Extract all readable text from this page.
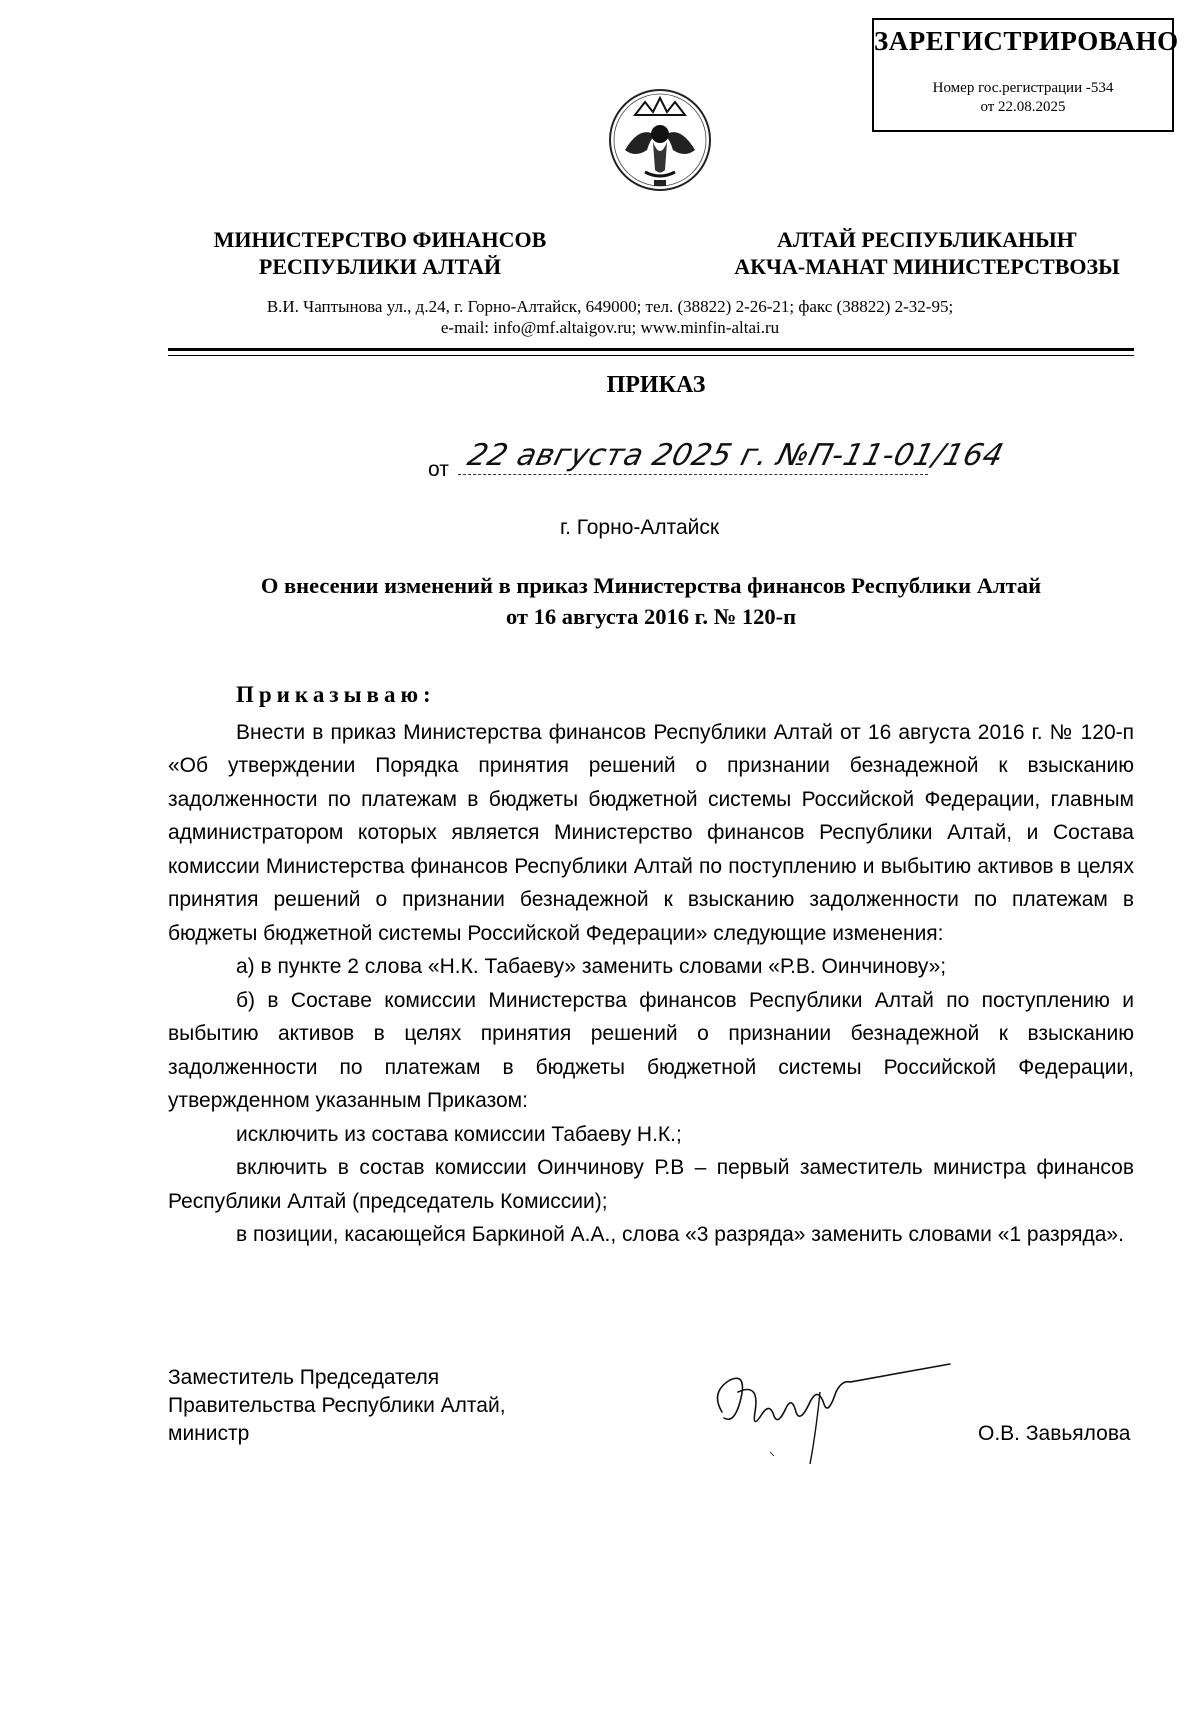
ЗАРЕГИСТРИРОВАНО
Номер гос.регистрации -534
от 22.08.2025
МИНИСТЕРСТВО ФИНАНСОВ
РЕСПУБЛИКИ АЛТАЙ
АЛТАЙ РЕСПУБЛИКАНЫҤ
АКЧА-МАНАТ МИНИСТЕРСТВОЗЫ
В.И. Чаптынова ул., д.24, г. Горно-Алтайск, 649000; тел. (38822) 2-26-21; факс (38822) 2-32-95;
e-mail: info@mf.altaigov.ru; www.minfin-altai.ru
ПРИКАЗ
от 22 августа 2025 г. №П-11-01/164
г. Горно-Алтайск
О внесении изменений в приказ Министерства финансов Республики Алтай
от 16 августа 2016 г. № 120-п
Приказываю:

Внести в приказ Министерства финансов Республики Алтай от 16 августа 2016 г. № 120-п «Об утверждении Порядка принятия решений о признании безнадежной к взысканию задолженности по платежам в бюджеты бюджетной системы Российской Федерации, главным администратором которых является Министерство финансов Республики Алтай, и Состава комиссии Министерства финансов Республики Алтай по поступлению и выбытию активов в целях принятия решений о признании безнадежной к взысканию задолженности по платежам в бюджеты бюджетной системы Российской Федерации» следующие изменения:

а) в пункте 2 слова «Н.К. Табаеву» заменить словами «Р.В. Оинчинову»;

б) в Составе комиссии Министерства финансов Республики Алтай по поступлению и выбытию активов в целях принятия решений о признании безнадежной к взысканию задолженности по платежам в бюджеты бюджетной системы Российской Федерации, утвержденном указанным Приказом:

исключить из состава комиссии Табаеву Н.К.;

включить в состав комиссии Оинчинову Р.В – первый заместитель министра финансов Республики Алтай (председатель Комиссии);

в позиции, касающейся Баркиной А.А., слова «3 разряда» заменить словами «1 разряда».

Заместитель Председателя
Правительства Республики Алтай,
министр	О.В. Завьялова
